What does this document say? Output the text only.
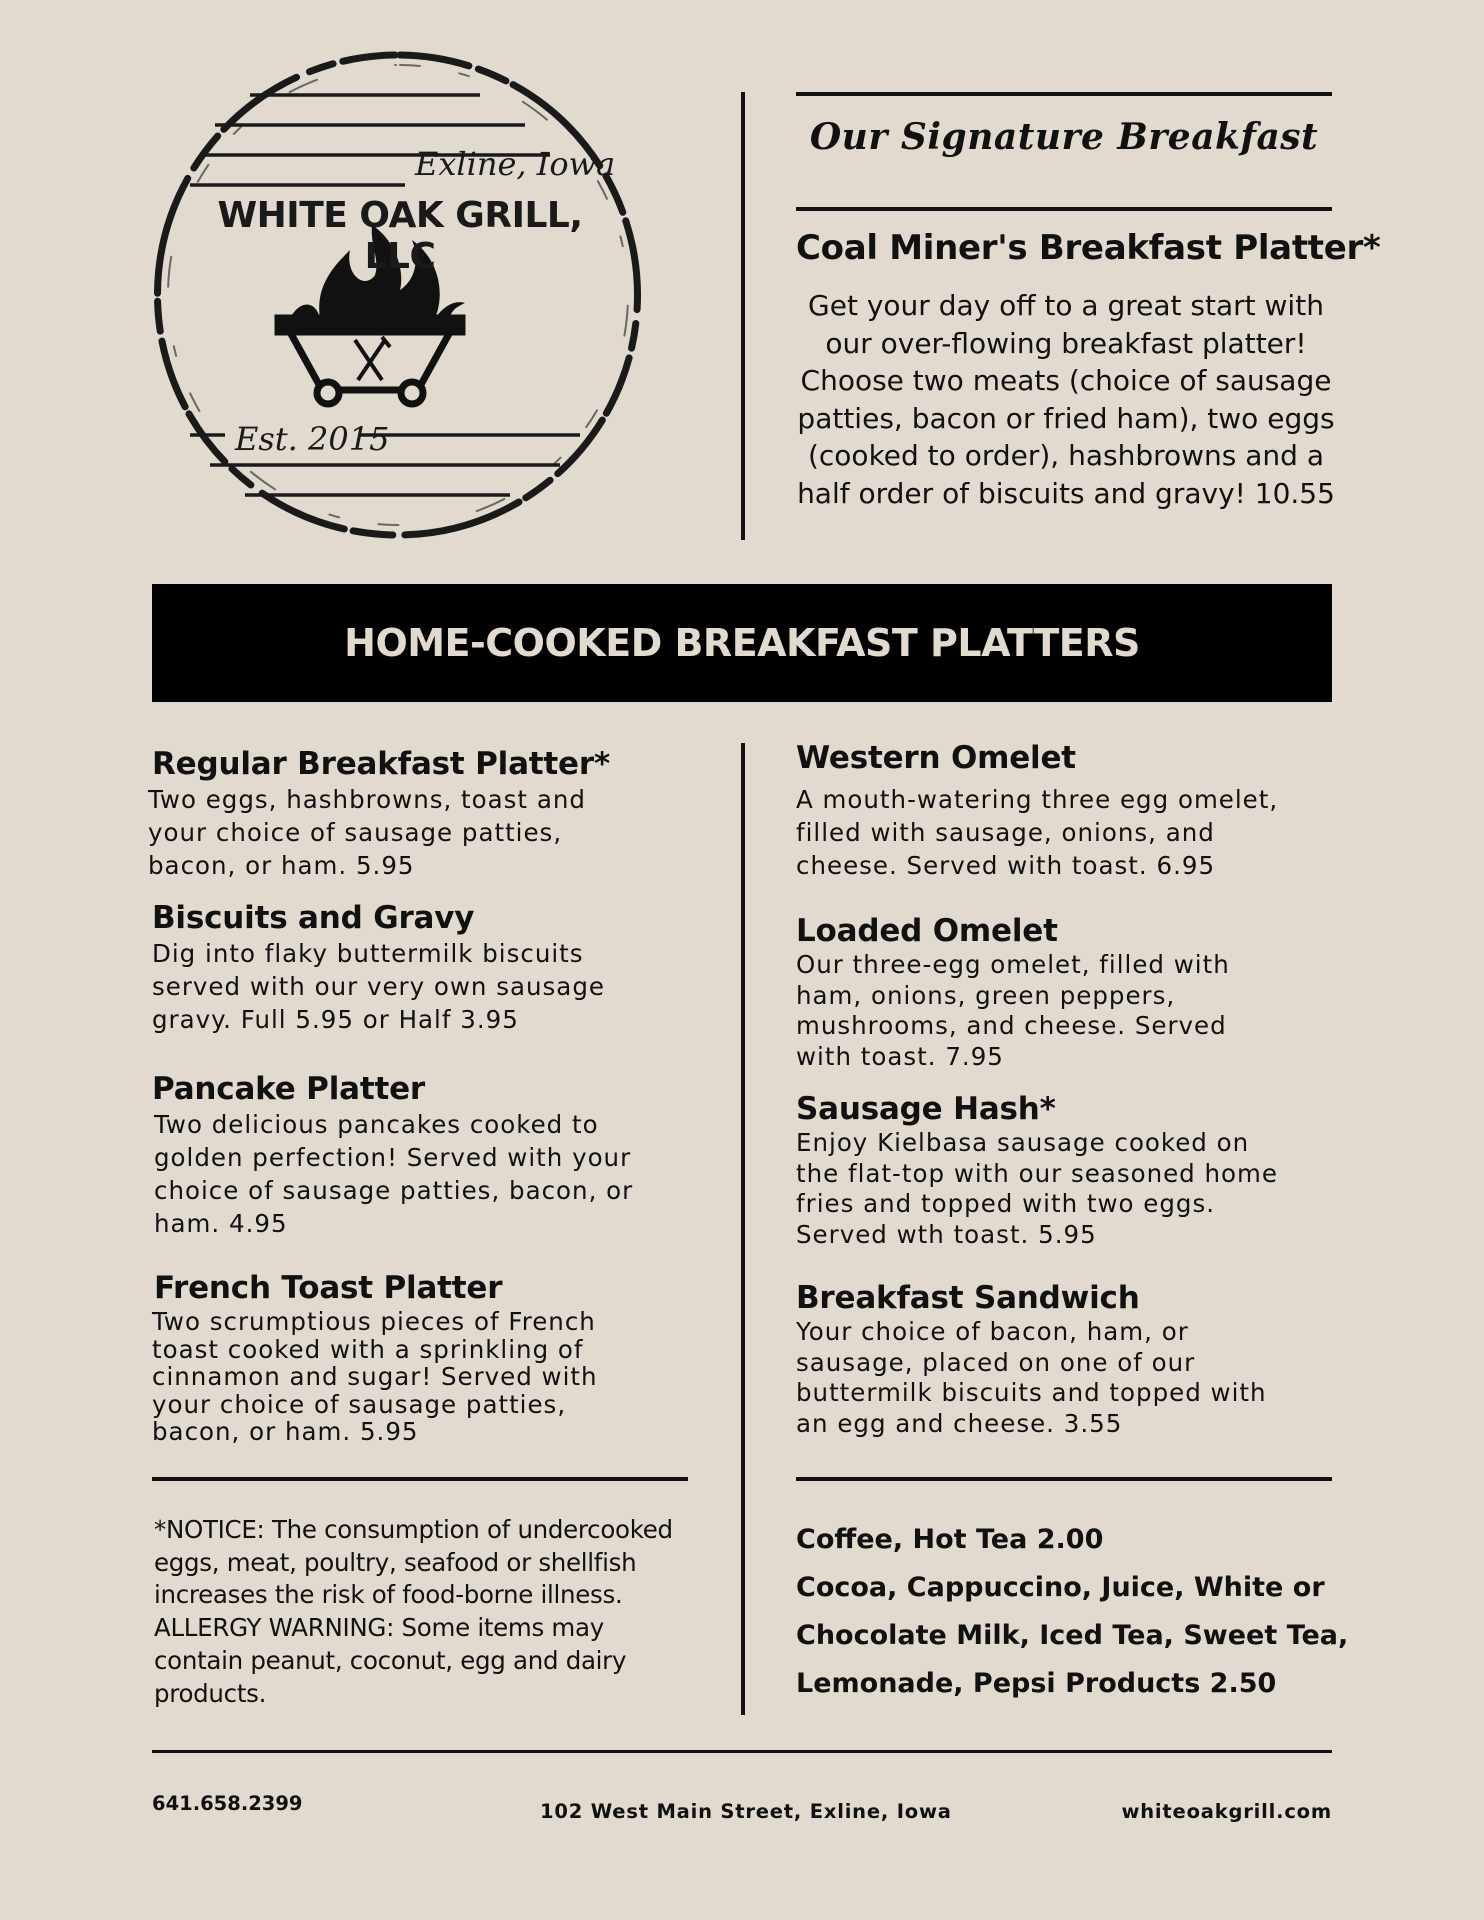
Exline, Iowa
WHITE OAK GRILL, LLC
Est. 2015
Our Signature Breakfast
Coal Miner's Breakfast Platter*
Get your day off to a great start with our over-flowing breakfast platter! Choose two meats (choice of sausage patties, bacon or fried ham), two eggs (cooked to order), hashbrowns and a half order of biscuits and gravy! 10.55
HOME-COOKED BREAKFAST PLATTERS
Regular Breakfast Platter*
Two eggs, hashbrowns, toast and your choice of sausage patties, bacon, or ham. 5.95
Biscuits and Gravy
Dig into flaky buttermilk biscuits served with our very own sausage gravy. Full 5.95 or Half 3.95
Pancake Platter
Two delicious pancakes cooked to golden perfection! Served with your choice of sausage patties, bacon, or ham. 4.95
French Toast Platter
Two scrumptious pieces of French toast cooked with a sprinkling of cinnamon and sugar! Served with your choice of sausage patties, bacon, or ham. 5.95
Western Omelet
A mouth-watering three egg omelet, filled with sausage, onions, and cheese. Served with toast. 6.95
Loaded Omelet
Our three-egg omelet, filled with ham, onions, green peppers, mushrooms, and cheese. Served with toast. 7.95
Sausage Hash*
Enjoy Kielbasa sausage cooked on the flat-top with our seasoned home fries and topped with two eggs. Served wth toast. 5.95
Breakfast Sandwich
Your choice of bacon, ham, or sausage, placed on one of our buttermilk biscuits and topped with an egg and cheese. 3.55
*NOTICE: The consumption of undercooked eggs, meat, poultry, seafood or shellfish increases the risk of food-borne illness. ALLERGY WARNING: Some items may contain peanut, coconut, egg and dairy products.
Coffee, Hot Tea 2.00
Cocoa, Cappuccino, Juice, White or
Chocolate Milk, Iced Tea, Sweet Tea,
Lemonade, Pepsi Products 2.50
641.658.2399	102 West Main Street, Exline, Iowa	whiteoakgrill.com
